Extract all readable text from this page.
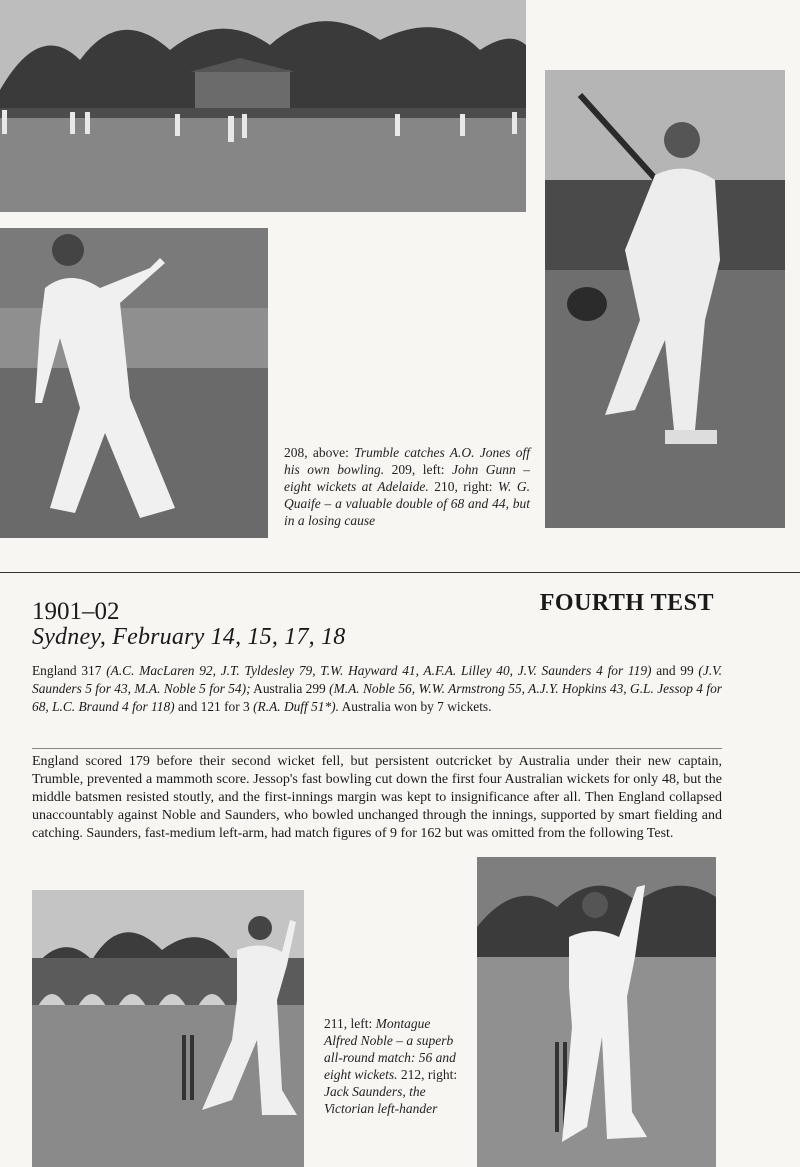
208, above: Trumble catches A.O. Jones off his own bowling. 209, left: John Gunn – eight wickets at Adelaide. 210, right: W. G. Quaife – a valuable double of 68 and 44, but in a losing cause
1901–02
Sydney, February 14, 15, 17, 18
FOURTH TEST

England 317 (A.C. MacLaren 92, J.T. Tyldesley 79, T.W. Hayward 41, A.F.A. Lilley 40, J.V. Saunders 4 for 119) and 99 (J.V. Saunders 5 for 43, M.A. Noble 5 for 54); Australia 299 (M.A. Noble 56, W.W. Armstrong 55, A.J.Y. Hopkins 43, G.L. Jessop 4 for 68, L.C. Braund 4 for 118) and 121 for 3 (R.A. Duff 51*). Australia won by 7 wickets.

England scored 179 before their second wicket fell, but persistent outcricket by Australia under their new captain, Trumble, prevented a mammoth score. Jessop's fast bowling cut down the first four Australian wickets for only 48, but the middle batsmen resisted stoutly, and the first-innings margin was kept to insignificance after all. Then England collapsed unaccountably against Noble and Saunders, who bowled unchanged through the innings, supported by smart fielding and catching. Saunders, fast-medium left-arm, had match figures of 9 for 162 but was omitted from the following Test.

211, left: Montague Alfred Noble – a superb all-round match: 56 and eight wickets. 212, right: Jack Saunders, the Victorian left-hander
